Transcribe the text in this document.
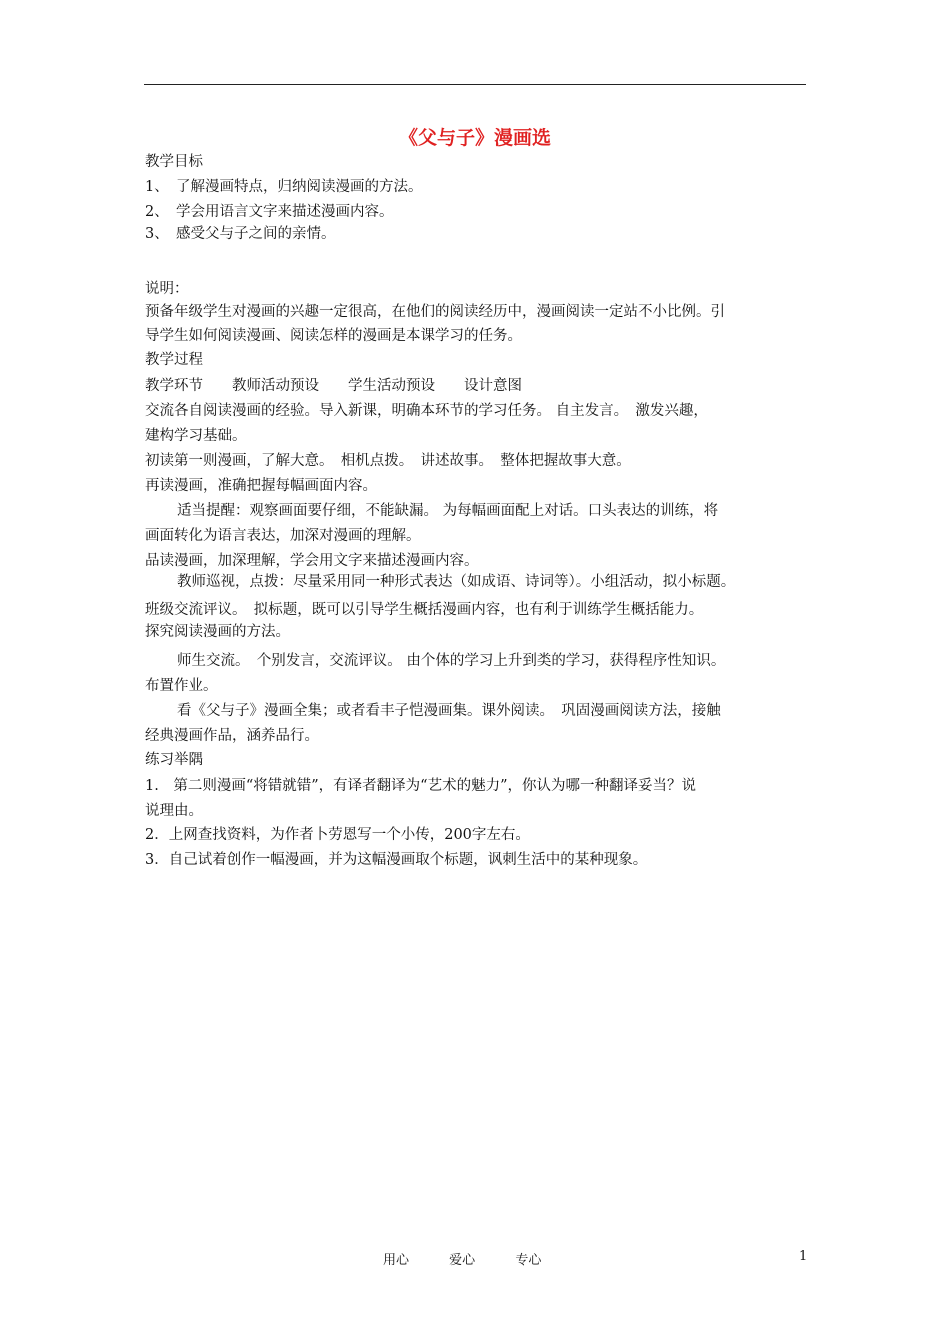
《父与子》漫画选
教学目标
1、　了解漫画特点，归纳阅读漫画的方法。
2、　学会用语言文字来描述漫画内容。
3、　感受父与子之间的亲情。
说明：
预备年级学生对漫画的兴趣一定很高，在他们的阅读经历中，漫画阅读一定站不小比例。引
导学生如何阅读漫画、阅读怎样的漫画是本课学习的任务。
教学过程
教学环节　　教师活动预设　　学生活动预设　　设计意图
交流各自阅读漫画的经验。导入新课，明确本环节的学习任务。 自主发言。　激发兴趣，
建构学习基础。
初读第一则漫画，了解大意。　相机点拨。　讲述故事。　整体把握故事大意。
再读漫画，准确把握每幅画面内容。
适当提醒：观察画面要仔细，不能缺漏。 为每幅画面配上对话。口头表达的训练，将
画面转化为语言表达，加深对漫画的理解。
品读漫画，加深理解，学会用文字来描述漫画内容。
教师巡视，点拨：尽量采用同一种形式表达（如成语、诗词等）。小组活动，拟小标题。
班级交流评议。　拟标题，既可以引导学生概括漫画内容，也有利于训练学生概括能力。
探究阅读漫画的方法。
师生交流。　个别发言，交流评议。 由个体的学习上升到类的学习，获得程序性知识。
布置作业。
看《父与子》漫画全集；或者看丰子恺漫画集。课外阅读。　巩固漫画阅读方法，接触
经典漫画作品，涵养品行。
练习举隅
1.　第二则漫画“将错就错”，有译者翻译为“艺术的魅力”，你认为哪一种翻译妥当？说
说理由。
2．上网查找资料，为作者卜劳恩写一个小传，200字左右。
3．自己试着创作一幅漫画，并为这幅漫画取个标题，讽刺生活中的某种现象。
用心	爱心	专心	1
